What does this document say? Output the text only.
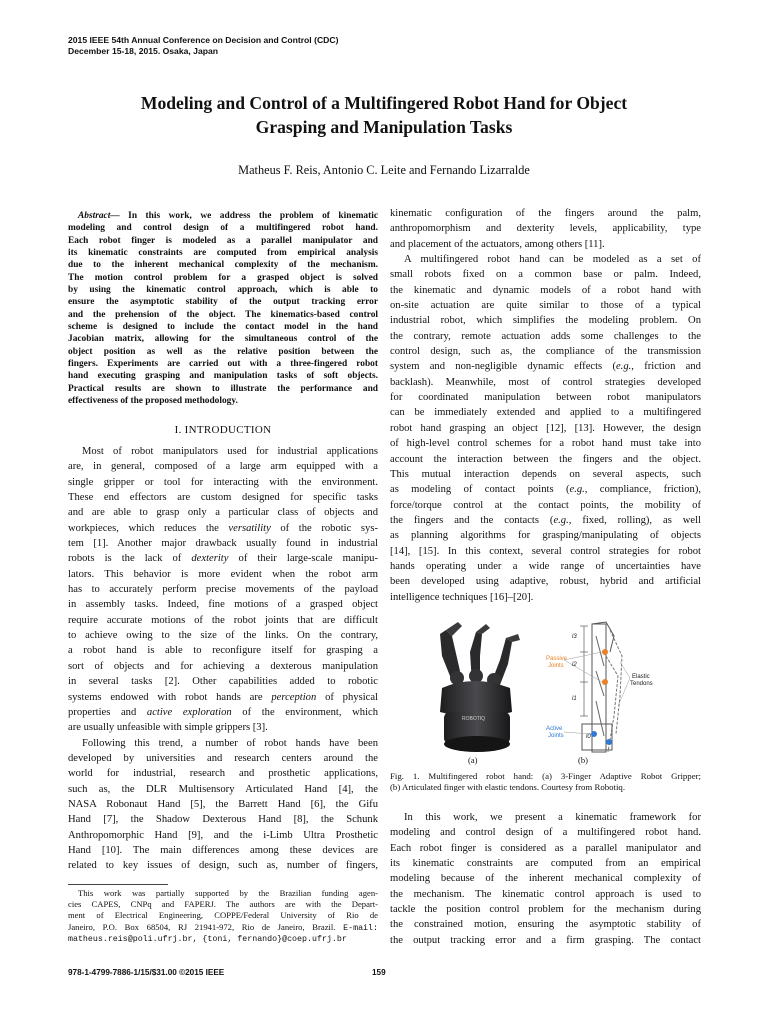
2015 IEEE 54th Annual Conference on Decision and Control (CDC)
December 15-18, 2015. Osaka, Japan
Modeling and Control of a Multifingered Robot Hand for Object
Grasping and Manipulation Tasks
Matheus F. Reis, Antonio C. Leite and Fernando Lizarralde
Abstract— In this work, we address the problem of kinematic
modeling and control design of a multifingered robot hand.
Each robot finger is modeled as a parallel manipulator and
its kinematic constraints are computed from empirical analysis
due to the inherent mechanical complexity of the mechanism.
The motion control problem for a grasped object is solved
by using the kinematic control approach, which is able to
ensure the asymptotic stability of the output tracking error
and the prehension of the object. The kinematics-based control
scheme is designed to include the contact model in the hand
Jacobian matrix, allowing for the simultaneous control of the
object position as well as the relative position between the
fingers. Experiments are carried out with a three-fingered robot
hand executing grasping and manipulation tasks of soft objects.
Practical results are shown to illustrate the performance and
effectiveness of the proposed methodology.
I. INTRODUCTION
Most of robot manipulators used for industrial applications
are, in general, composed of a large arm equipped with a
single gripper or tool for interacting with the environment.
These end effectors are custom designed for specific tasks
and are able to grasp only a particular class of objects and
workpieces, which reduces the versatility of the robotic sys-
tem [1]. Another major drawback usually found in industrial
robots is the lack of dexterity of their large-scale manipu-
lators. This behavior is more evident when the robot arm
has to accurately perform precise movements of the payload
in assembly tasks. Indeed, fine motions of a grasped object
require accurate motions of the robot joints that are difficult
to achieve owing to the size of the links. On the contrary,
a robot hand is able to reconfigure itself for grasping a
sort of objects and for achieving a dexterous manipulation
in several tasks [2]. Other capabilities added to robotic
systems endowed with robot hands are perception of physical
properties and active exploration of the environment, which
are usually unfeasible with simple grippers [3].
Following this trend, a number of robot hands have been
developed by universities and research centers around the
world for industrial, research and prosthetic applications,
such as, the DLR Multisensory Articulated Hand [4], the
NASA Robonaut Hand [5], the Barrett Hand [6], the Gifu
Hand [7], the Shadow Dexterous Hand [8], the Schunk
Anthropomorphic Hand [9], and the i-Limb Ultra Prosthetic
Hand [10]. The main differences among these devices are
related to key issues of design, such as, number of fingers,
kinematic configuration of the fingers around the palm,
anthropomorphism and dexterity levels, applicability, type
and placement of the actuators, among others [11].
A multifingered robot hand can be modeled as a set of
small robots fixed on a common base or palm. Indeed,
the kinematic and dynamic models of a robot hand with
on-site actuation are quite similar to those of a typical
industrial robot, which simplifies the modeling problem. On
the contrary, remote actuation adds some challenges to the
control design, such as, the compliance of the transmission
system and non-negligible dynamic effects (e.g., friction and
backlash). Meanwhile, most of control strategies developed
for coordinated manipulation between robot manipulators
can be immediately extended and applied to a multifingered
robot hand grasping an object [12], [13]. However, the design
of high-level control schemes for a robot hand must take into
account the interaction between the fingers and the object.
This mutual interaction depends on several aspects, such
as modeling of contact points (e.g., compliance, friction),
force/torque control at the contact points, the mobility of
the fingers and the contacts (e.g., fixed, rolling), as well
as planning algorithms for grasping/manipulating of objects
[14], [15]. In this context, several control strategies for robot
hands operating under a wide range of uncertainties have
been developed using adaptive, robust, hybrid and artificial
intelligence techniques [16]–[20].
ROBOTIQ
l3
l2
l1
l0
Passive
Joints
Active
Joints
Elastic
Tendons
(a)	(b)
Fig. 1. Multifingered robot hand: (a) 3-Finger Adaptive Robot Gripper;
(b) Articulated finger with elastic tendons. Courtesy from Robotiq.
In this work, we present a kinematic framework for
modeling and control design of a multifingered robot hand.
Each robot finger is considered as a parallel manipulator and
its kinematic constraints are computed from an empirical
modeling because of the inherent mechanical complexity of
the mechanism. The kinematic control approach is used to
tackle the position control problem for the mechanism during
the constrained motion, ensuring the asymptotic stability of
the output tracking error and a firm grasping. The contact
This work was partially supported by the Brazilian funding agen-
cies CAPES, CNPq and FAPERJ. The authors are with the Depart-
ment of Electrical Engineering, COPPE/Federal University of Rio de
Janeiro, P.O. Box 68504, RJ 21941-972, Rio de Janeiro, Brazil. E-mail:
matheus.reis@poli.ufrj.br, {toni, fernando}@coep.ufrj.br
978-1-4799-7886-1/15/$31.00 ©2015 IEEE	159
